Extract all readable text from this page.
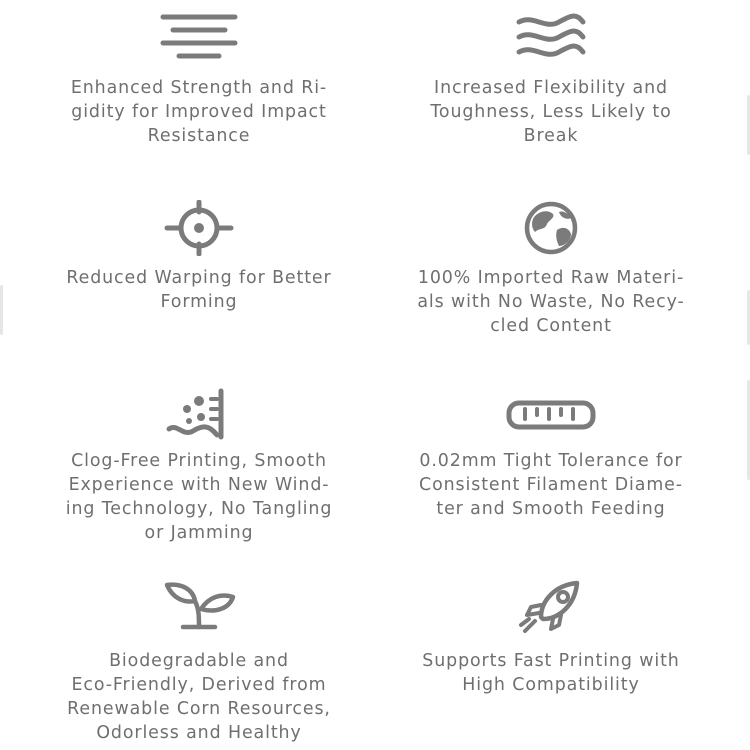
Enhanced Strength and Ri-
gidity for Improved Impact
Resistance
Increased Flexibility and
Toughness, Less Likely to
Break
Reduced Warping for Better
Forming
100% Imported Raw Materi-
als with No Waste, No Recy-
cled Content
Clog-Free Printing, Smooth
Experience with New Wind-
ing Technology, No Tangling
or Jamming
0.02mm Tight Tolerance for
Consistent Filament Diame-
ter and Smooth Feeding
Biodegradable and
Eco-Friendly, Derived from
Renewable Corn Resources,
Odorless and Healthy
Supports Fast Printing with
High Compatibility
